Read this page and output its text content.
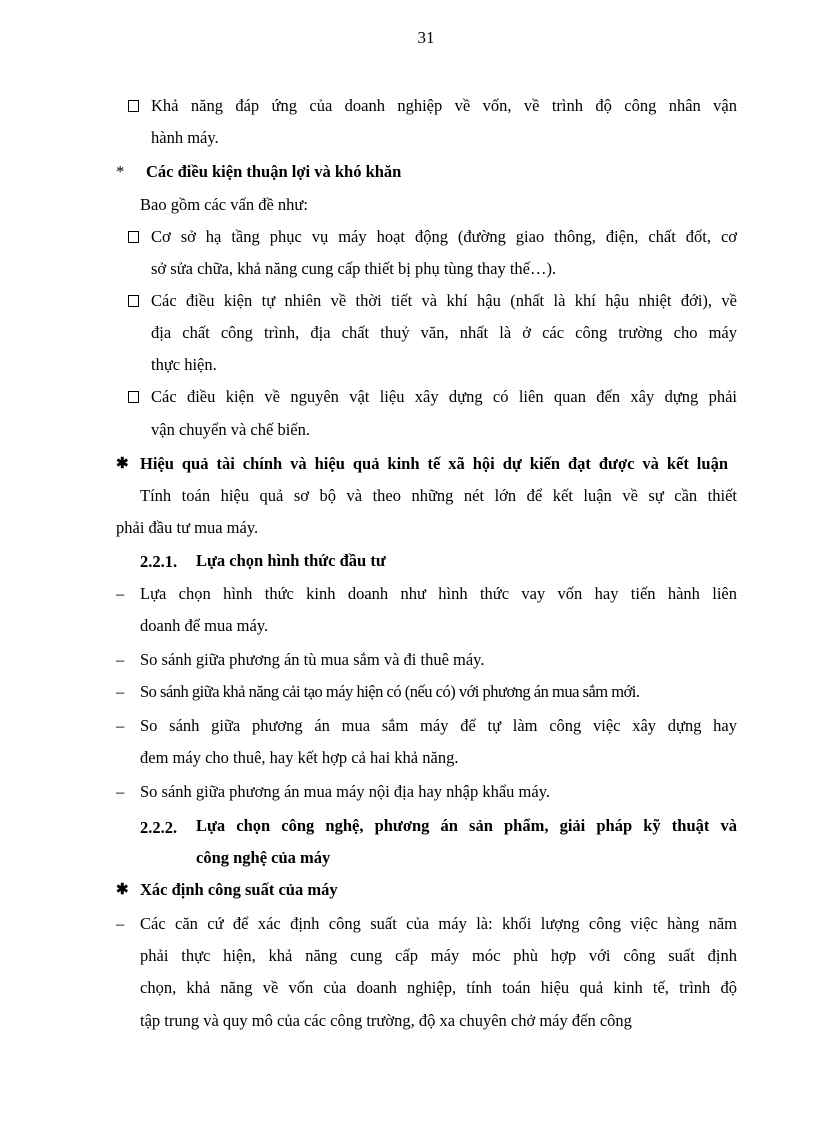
31
Khả năng đáp ứng của doanh nghiệp về vốn, về trình độ công nhân vận
hành máy.
* Các điều kiện thuận lợi và khó khăn
Bao gồm các vấn đề như:
Cơ sở hạ tầng phục vụ máy hoạt động (đường giao thông, điện, chất đốt, cơ
sở sửa chữa, khả năng cung cấp thiết bị phụ tùng thay thế…).
Các điều kiện tự nhiên về thời tiết và khí hậu (nhất là khí hậu nhiệt đới), về
địa chất công trình, địa chất thuỷ văn, nhất là ở các công trường cho máy
thực hiện.
Các điều kiện về nguyên vật liệu xây dựng có liên quan đến xây dựng phải
vận chuyển và chế biến.
✱ Hiệu quả tài chính và hiệu quả kinh tế xã hội dự kiến đạt được và kết luận
Tính toán hiệu quả sơ bộ và theo những nét lớn để kết luận về sự cần thiết
phải đầu tư mua máy.
2.2.1. Lựa chọn hình thức đầu tư
– Lựa chọn hình thức kinh doanh như hình thức vay vốn hay tiến hành liên
doanh để mua máy.
– So sánh giữa phương án tù mua sắm và đi thuê máy.
– So sánh giữa khả năng cải tạo máy hiện có (nếu có) với phương án mua sắm mới.
– So sánh giữa phương án mua sắm máy để tự làm công việc xây dựng hay
đem máy cho thuê, hay kết hợp cả hai khả năng.
– So sánh giữa phương án mua máy nội địa hay nhập khẩu máy.
2.2.2. Lựa chọn công nghệ, phương án sản phẩm, giải pháp kỹ thuật và
công nghệ của máy
✱ Xác định công suất của máy
– Các căn cứ để xác định công suất của máy là: khối lượng công việc hàng năm
phải thực hiện, khả năng cung cấp máy móc phù hợp với công suất định
chọn, khả năng về vốn của doanh nghiệp, tính toán hiệu quả kinh tế, trình độ
tập trung và quy mô của các công trường, độ xa chuyên chở máy đến công
